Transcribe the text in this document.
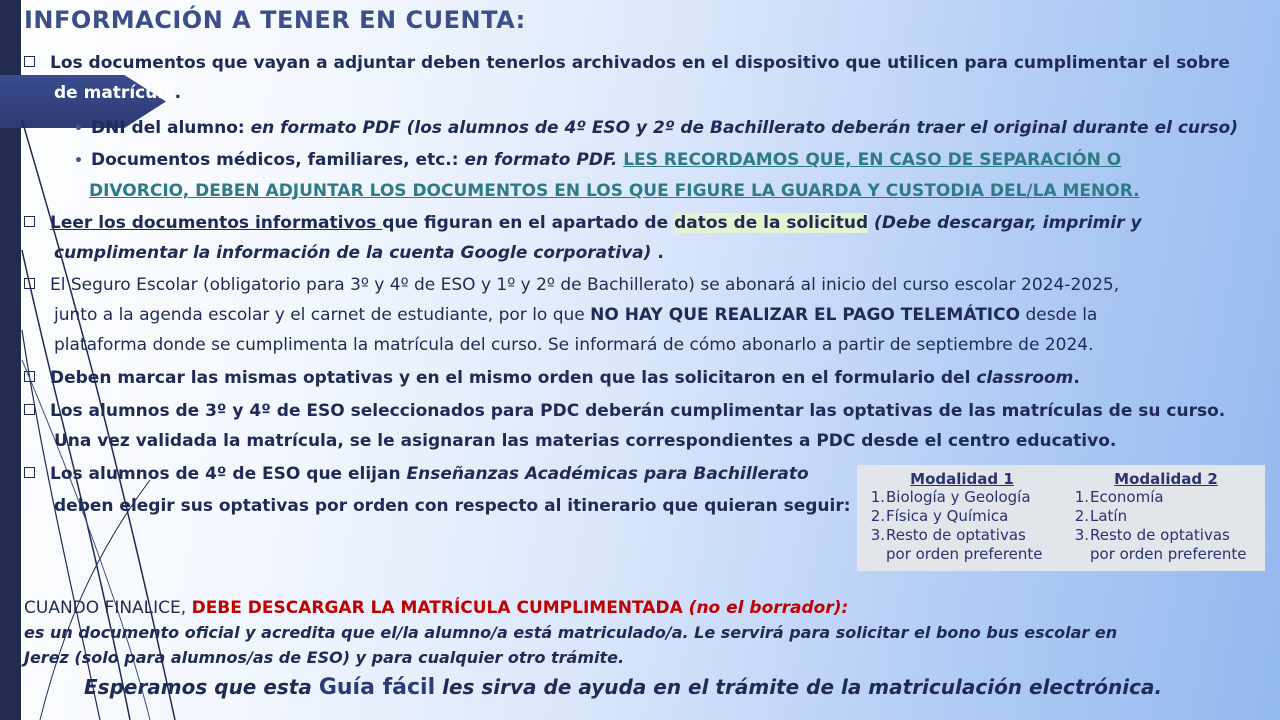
INFORMACIÓN A TENER EN CUENTA:
Los documentos que vayan a adjuntar deben tenerlos archivados en el dispositivo que utilicen para cumplimentar el sobre
de matrícula.
• DNI del alumno: en formato PDF (los alumnos de 4º ESO y 2º de Bachillerato deberán traer el original durante el curso)
• Documentos médicos, familiares, etc.: en formato PDF. LES RECORDAMOS QUE, EN CASO DE SEPARACIÓN O
DIVORCIO, DEBEN ADJUNTAR LOS DOCUMENTOS EN LOS QUE FIGURE LA GUARDA Y CUSTODIA DEL/LA MENOR.
Leer los documentos informativos que figuran en el apartado de datos de la solicitud (Debe descargar, imprimir y
cumplimentar la información de la cuenta Google corporativa) .
El Seguro Escolar (obligatorio para 3º y 4º de ESO y 1º y 2º de Bachillerato) se abonará al inicio del curso escolar 2024-2025,
junto a la agenda escolar y el carnet de estudiante, por lo que NO HAY QUE REALIZAR EL PAGO TELEMÁTICO desde la
plataforma donde se cumplimenta la matrícula del curso. Se informará de cómo abonarlo a partir de septiembre de 2024.
Deben marcar las mismas optativas y en el mismo orden que las solicitaron en el formulario del classroom.
Los alumnos de 3º y 4º de ESO seleccionados para PDC deberán cumplimentar las optativas de las matrículas de su curso.
Una vez validada la matrícula, se le asignaran las materias correspondientes a PDC desde el centro educativo.
Los alumnos de 4º de ESO que elijan Enseñanzas Académicas para Bachillerato
deben elegir sus optativas por orden con respecto al itinerario que quieran seguir:
Modalidad 1
1. Biología y Geología
2. Física y Química
3. Resto de optativas
por orden preferente
Modalidad 2
1. Economía
2. Latín
3. Resto de optativas
por orden preferente
CUANDO FINALICE, DEBE DESCARGAR LA MATRÍCULA CUMPLIMENTADA (no el borrador):
es un documento oficial y acredita que el/la alumno/a está matriculado/a. Le servirá para solicitar el bono bus escolar en
Jerez (solo para alumnos/as de ESO) y para cualquier otro trámite.
Esperamos que esta Guía fácil les sirva de ayuda en el trámite de la matriculación electrónica.
